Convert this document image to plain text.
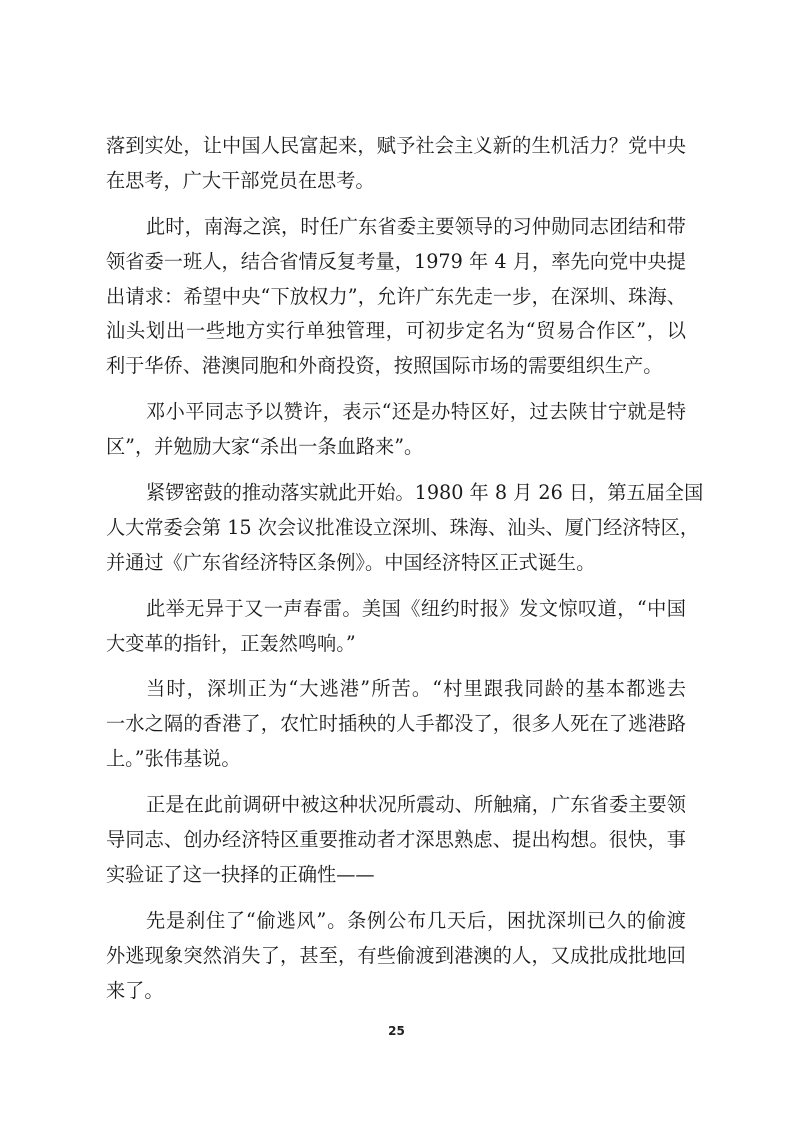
落到实处，让中国人民富起来，赋予社会主义新的生机活力？党中央
在思考，广大干部党员在思考。
此时，南海之滨，时任广东省委主要领导的习仲勋同志团结和带
领省委一班人，结合省情反复考量，1979 年 4 月，率先向党中央提
出请求：希望中央“下放权力”，允许广东先走一步，在深圳、珠海、
汕头划出一些地方实行单独管理，可初步定名为“贸易合作区”，以
利于华侨、港澳同胞和外商投资，按照国际市场的需要组织生产。
邓小平同志予以赞许，表示“还是办特区好，过去陕甘宁就是特
区”，并勉励大家“杀出一条血路来”。
紧锣密鼓的推动落实就此开始。1980 年 8 月 26 日，第五届全国
人大常委会第 15 次会议批准设立深圳、珠海、汕头、厦门经济特区，
并通过《广东省经济特区条例》。中国经济特区正式诞生。
此举无异于又一声春雷。美国《纽约时报》发文惊叹道，“中国
大变革的指针，正轰然鸣响。”
当时，深圳正为“大逃港”所苦。“村里跟我同龄的基本都逃去
一水之隔的香港了，农忙时插秧的人手都没了，很多人死在了逃港路
上。”张伟基说。
正是在此前调研中被这种状况所震动、所触痛，广东省委主要领
导同志、创办经济特区重要推动者才深思熟虑、提出构想。很快，事
实验证了这一抉择的正确性——
先是刹住了“偷逃风”。条例公布几天后，困扰深圳已久的偷渡
外逃现象突然消失了，甚至，有些偷渡到港澳的人，又成批成批地回
来了。
25
